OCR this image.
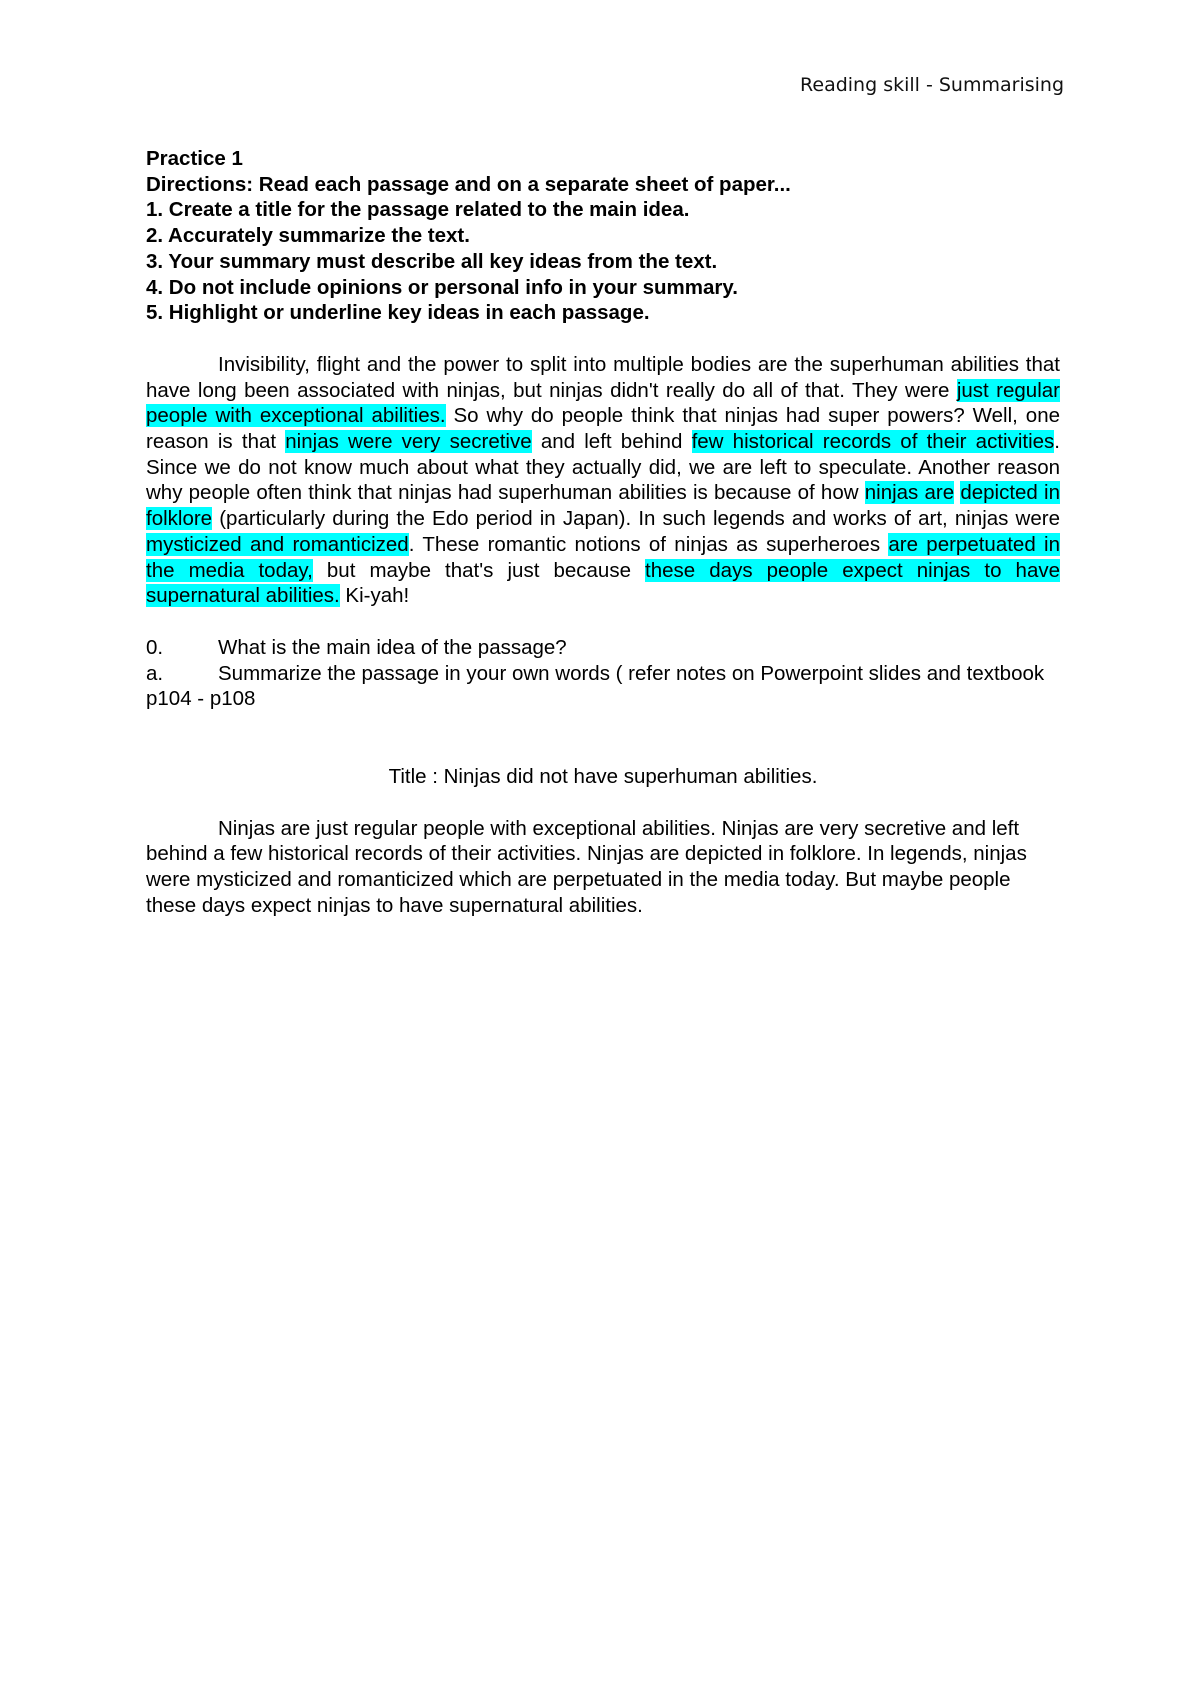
Reading skill - Summarising
Practice 1
Directions: Read each passage and on a separate sheet of paper...
1. Create a title for the passage related to the main idea.
2. Accurately summarize the text.
3. Your summary must describe all key ideas from the text.
4. Do not include opinions or personal info in your summary.
5. Highlight or underline key ideas in each passage.

Invisibility, flight and the power to split into multiple bodies are the superhuman abilities that have long been associated with ninjas, but ninjas didn't really do all of that. They were just regular people with exceptional abilities. So why do people think that ninjas had super powers? Well, one reason is that ninjas were very secretive and left behind few historical records of their activities. Since we do not know much about what they actually did, we are left to speculate. Another reason why people often think that ninjas had superhuman abilities is because of how ninjas are depicted in folklore (particularly during the Edo period in Japan). In such legends and works of art, ninjas were mysticized and romanticized. These romantic notions of ninjas as superheroes are perpetuated in the media today, but maybe that's just because these days people expect ninjas to have supernatural abilities. Ki-yah!

0.	What is the main idea of the passage?
a.	Summarize the passage in your own words ( refer notes on Powerpoint slides and textbook p104 - p108
Title : Ninjas did not have superhuman abilities.

Ninjas are just regular people with exceptional abilities. Ninjas are very secretive and left behind a few historical records of their activities. Ninjas are depicted in folklore. In legends, ninjas were mysticized and romanticized which are perpetuated in the media today. But maybe people these days expect ninjas to have supernatural abilities.
